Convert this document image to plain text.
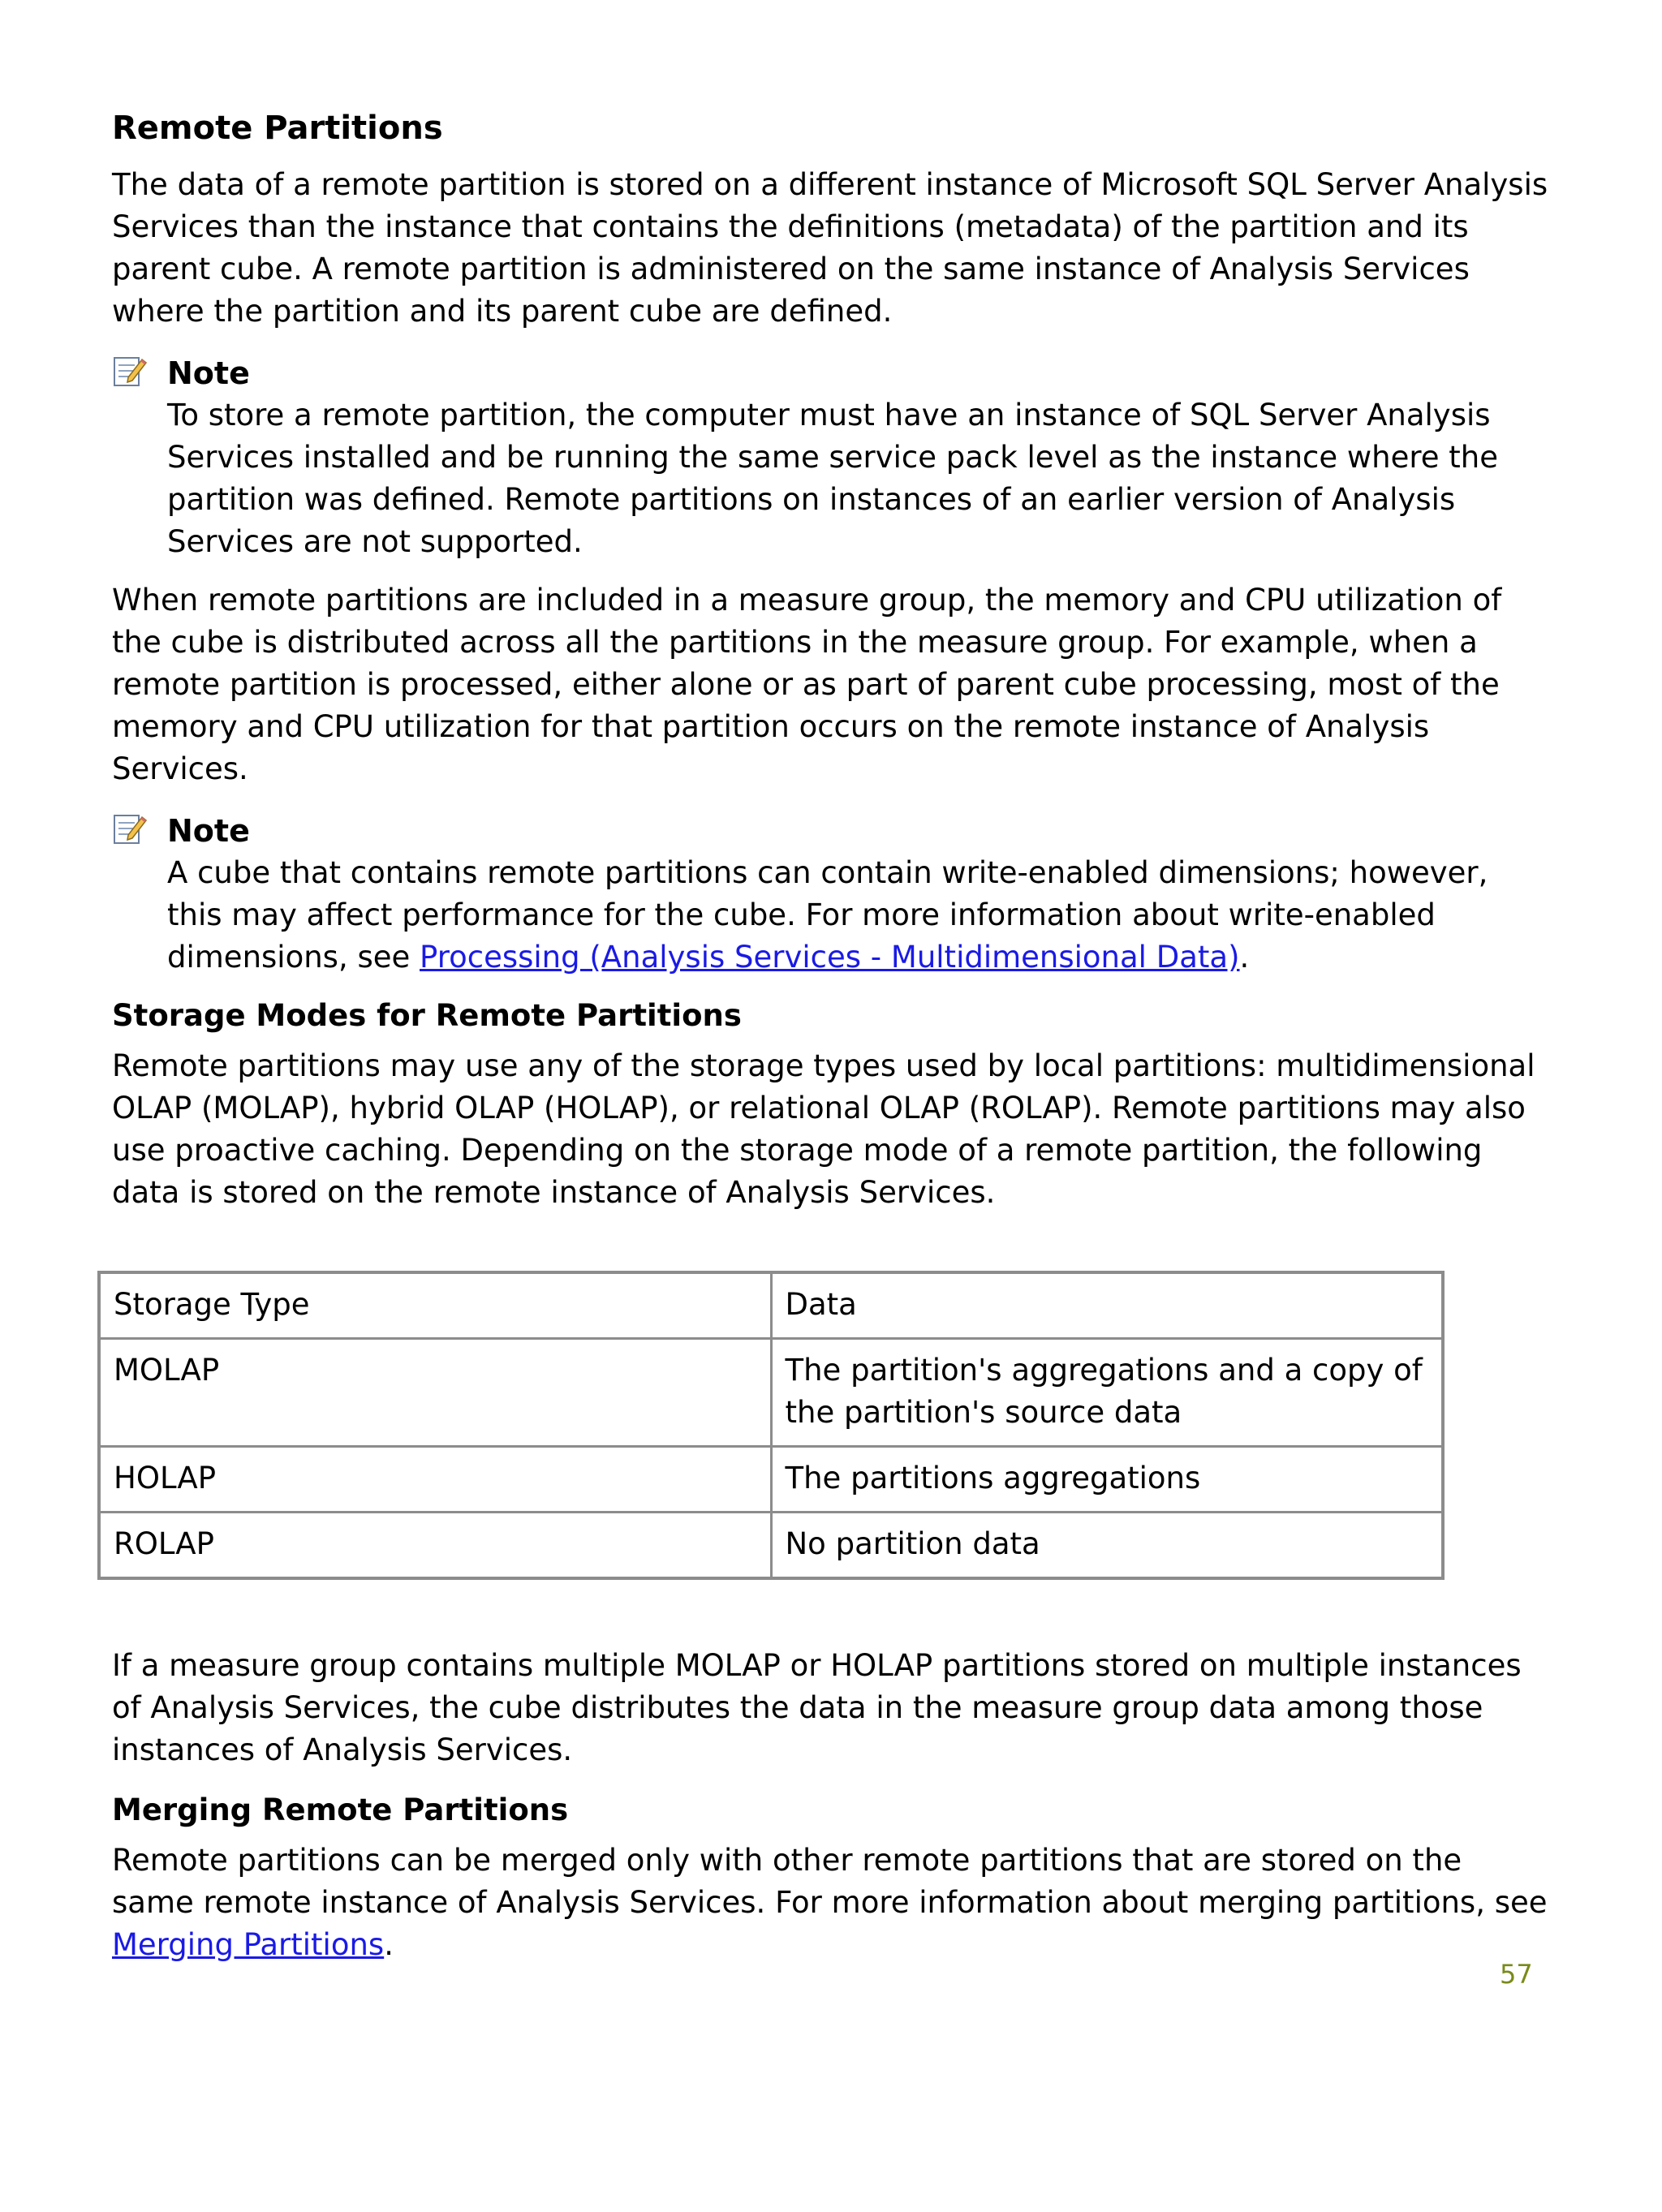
Remote Partitions

The data of a remote partition is stored on a different instance of Microsoft SQL Server Analysis Services than the instance that contains the definitions (metadata) of the partition and its parent cube. A remote partition is administered on the same instance of Analysis Services where the partition and its parent cube are defined.

Note
To store a remote partition, the computer must have an instance of SQL Server Analysis Services installed and be running the same service pack level as the instance where the partition was defined. Remote partitions on instances of an earlier version of Analysis Services are not supported.

When remote partitions are included in a measure group, the memory and CPU utilization of the cube is distributed across all the partitions in the measure group. For example, when a remote partition is processed, either alone or as part of parent cube processing, most of the memory and CPU utilization for that partition occurs on the remote instance of Analysis Services.

Note
A cube that contains remote partitions can contain write-enabled dimensions; however, this may affect performance for the cube. For more information about write-enabled dimensions, see Processing (Analysis Services - Multidimensional Data).
Storage Modes for Remote Partitions

Remote partitions may use any of the storage types used by local partitions: multidimensional OLAP (MOLAP), hybrid OLAP (HOLAP), or relational OLAP (ROLAP). Remote partitions may also use proactive caching. Depending on the storage mode of a remote partition, the following data is stored on the remote instance of Analysis Services.

Storage Type	Data
MOLAP	The partition's aggregations and a copy of the partition's source data
HOLAP	The partitions aggregations
ROLAP	No partition data

If a measure group contains multiple MOLAP or HOLAP partitions stored on multiple instances of Analysis Services, the cube distributes the data in the measure group data among those instances of Analysis Services.

Merging Remote Partitions

Remote partitions can be merged only with other remote partitions that are stored on the same remote instance of Analysis Services. For more information about merging partitions, see Merging Partitions.

57
